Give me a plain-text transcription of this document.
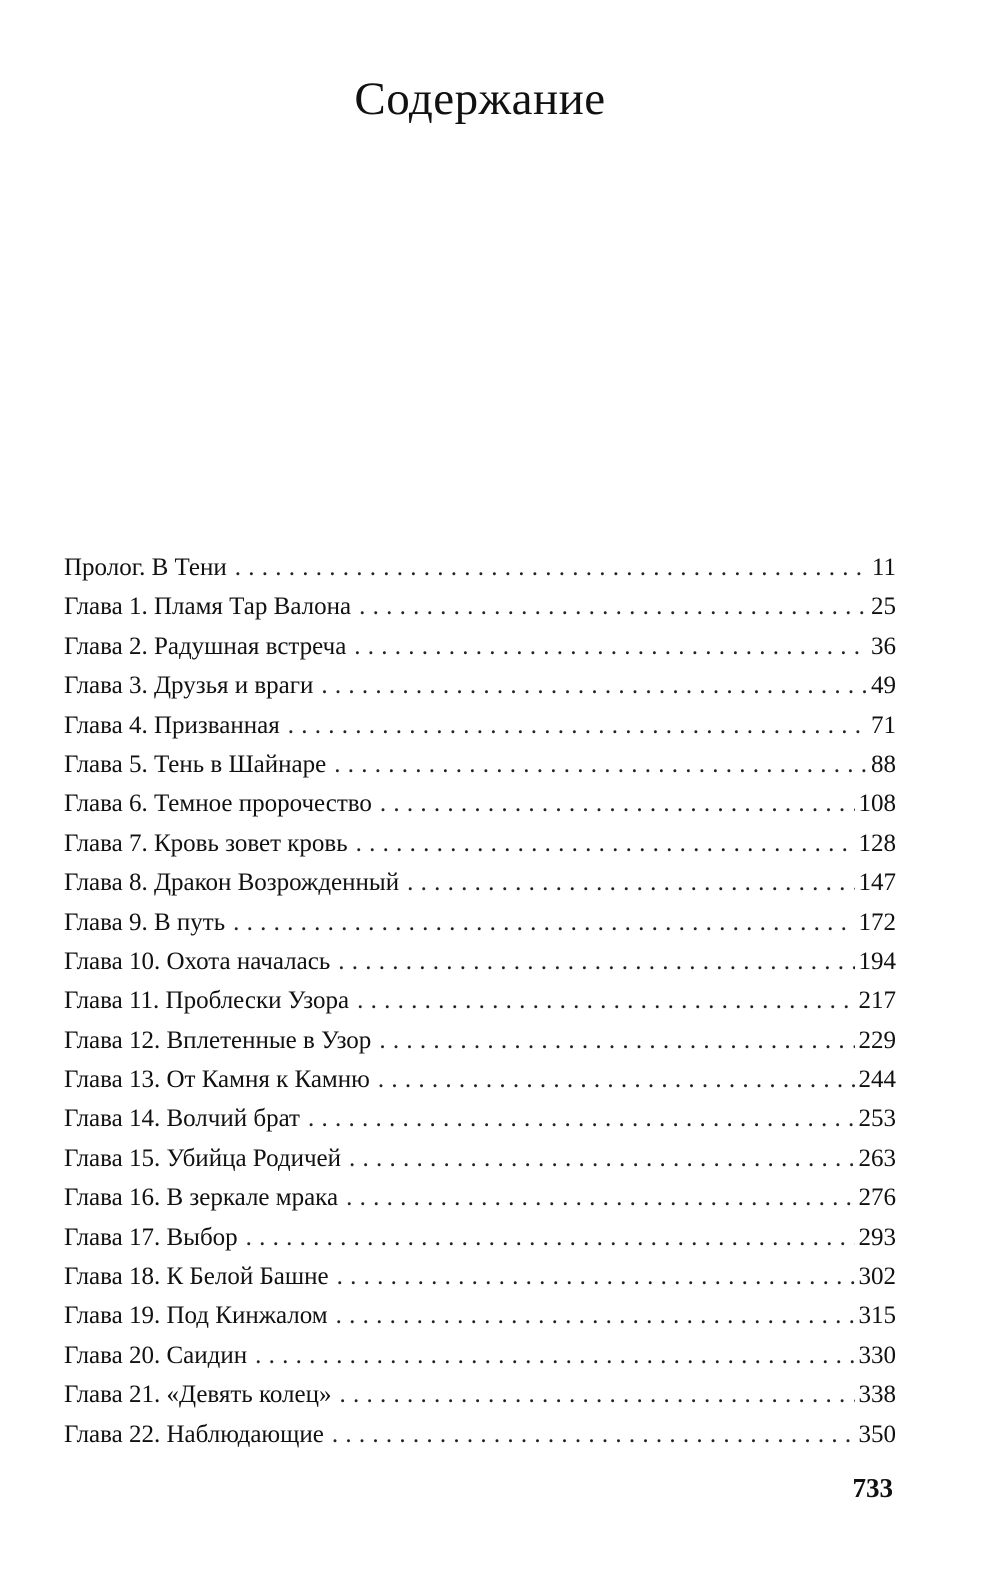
Содержание
Пролог. В Тени . . .	11
Глава 1. Пламя Тар Валона . . .	25
Глава 2. Радушная встреча . . .	36
Глава 3. Друзья и враги . . .	49
Глава 4. Призванная . . .	71
Глава 5. Тень в Шайнаре . . .	88
Глава 6. Темное пророчество . . .	108
Глава 7. Кровь зовет кровь . . .	128
Глава 8. Дракон Возрожденный . . .	147
Глава 9. В путь . . .	172
Глава 10. Охота началась . . .	194
Глава 11. Проблески Узора . . .	217
Глава 12. Вплетенные в Узор . . .	229
Глава 13. От Камня к Камню . . .	244
Глава 14. Волчий брат . . .	253
Глава 15. Убийца Родичей . . .	263
Глава 16. В зеркале мрака . . .	276
Глава 17. Выбор . . .	293
Глава 18. К Белой Башне . . .	302
Глава 19. Под Кинжалом . . .	315
Глава 20. Саидин . . .	330
Глава 21. «Девять колец» . . .	338
Глава 22. Наблюдающие . . .	350
733
